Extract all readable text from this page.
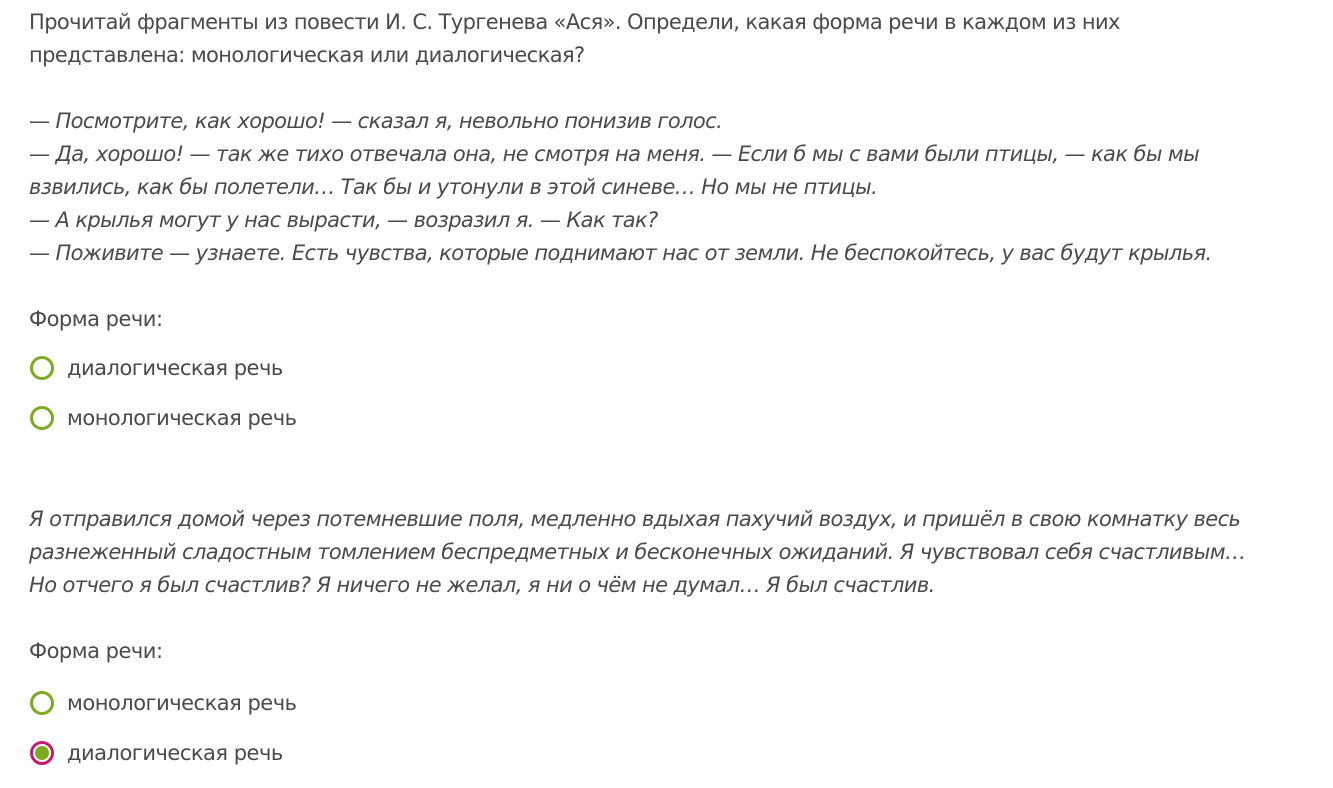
Прочитай фрагменты из повести И. С. Тургенева «Ася». Определи, какая форма речи в каждом из них
представлена: монологическая или диалогическая?
— Посмотрите, как хорошо! — сказал я, невольно понизив голос.
— Да, хорошо! — так же тихо отвечала она, не смотря на меня. — Если б мы с вами были птицы, — как бы мы
взвились, как бы полетели… Так бы и утонули в этой синеве… Но мы не птицы.
— А крылья могут у нас вырасти, — возразил я. — Как так?
— Поживите — узнаете. Есть чувства, которые поднимают нас от земли. Не беспокойтесь, у вас будут крылья.
Форма речи:
диалогическая речь
монологическая речь
Я отправился домой через потемневшие поля, медленно вдыхая пахучий воздух, и пришёл в свою комнатку весь
разнеженный сладостным томлением беспредметных и бесконечных ожиданий. Я чувствовал себя счастливым…
Но отчего я был счастлив? Я ничего не желал, я ни о чём не думал… Я был счастлив.
Форма речи:
монологическая речь
диалогическая речь
